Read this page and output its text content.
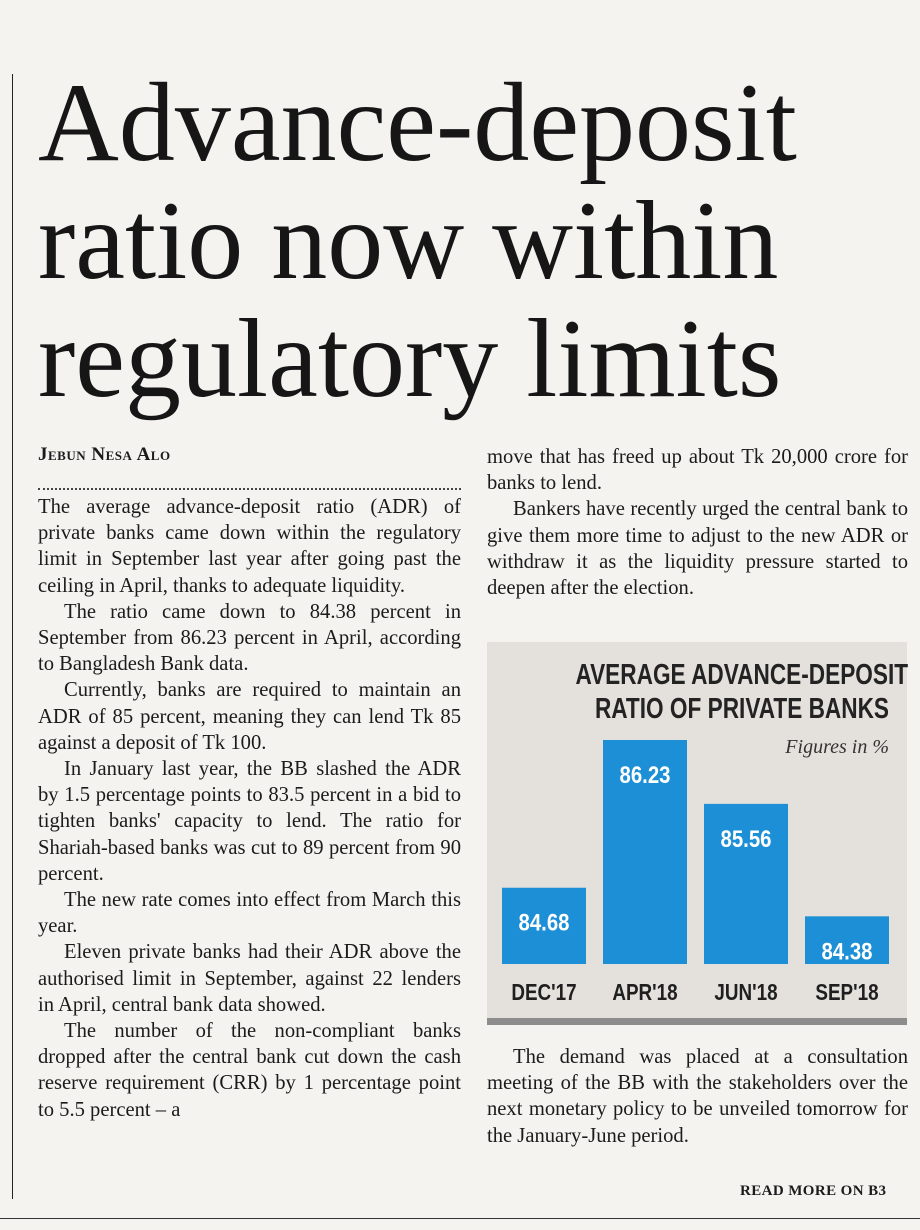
Advance-deposit
ratio now within
regulatory limits
Jebun Nesa Alo

The average advance-deposit ratio (ADR) of private banks came down within the regulatory limit in September last year after going past the ceiling in April, thanks to adequate liquidity.

The ratio came down to 84.38 percent in September from 86.23 percent in April, according to Bangladesh Bank data.

Currently, banks are required to maintain an ADR of 85 percent, meaning they can lend Tk 85 against a deposit of Tk 100.

In January last year, the BB slashed the ADR by 1.5 percentage points to 83.5 percent in a bid to tighten banks' capacity to lend. The ratio for Shariah-based banks was cut to 89 percent from 90 percent.

The new rate comes into effect from March this year.

Eleven private banks had their ADR above the authorised limit in September, against 22 lenders in April, central bank data showed.

The number of the non-compliant banks dropped after the central bank cut down the cash reserve requirement (CRR) by 1 percentage point to 5.5 percent – a

move that has freed up about Tk 20,000 crore for banks to lend.

Bankers have recently urged the central bank to give them more time to adjust to the new ADR or withdraw it as the liquidity pressure started to deepen after the election.

AVERAGE ADVANCE-DEPOSIT
RATIO OF PRIVATE BANKS
Figures in %
84.68
DEC'17
86.23
APR'18
85.56
JUN'18
84.38
SEP'18

The demand was placed at a consultation meeting of the BB with the stakeholders over the next monetary policy to be unveiled tomorrow for the January-June period.

READ MORE ON B3
